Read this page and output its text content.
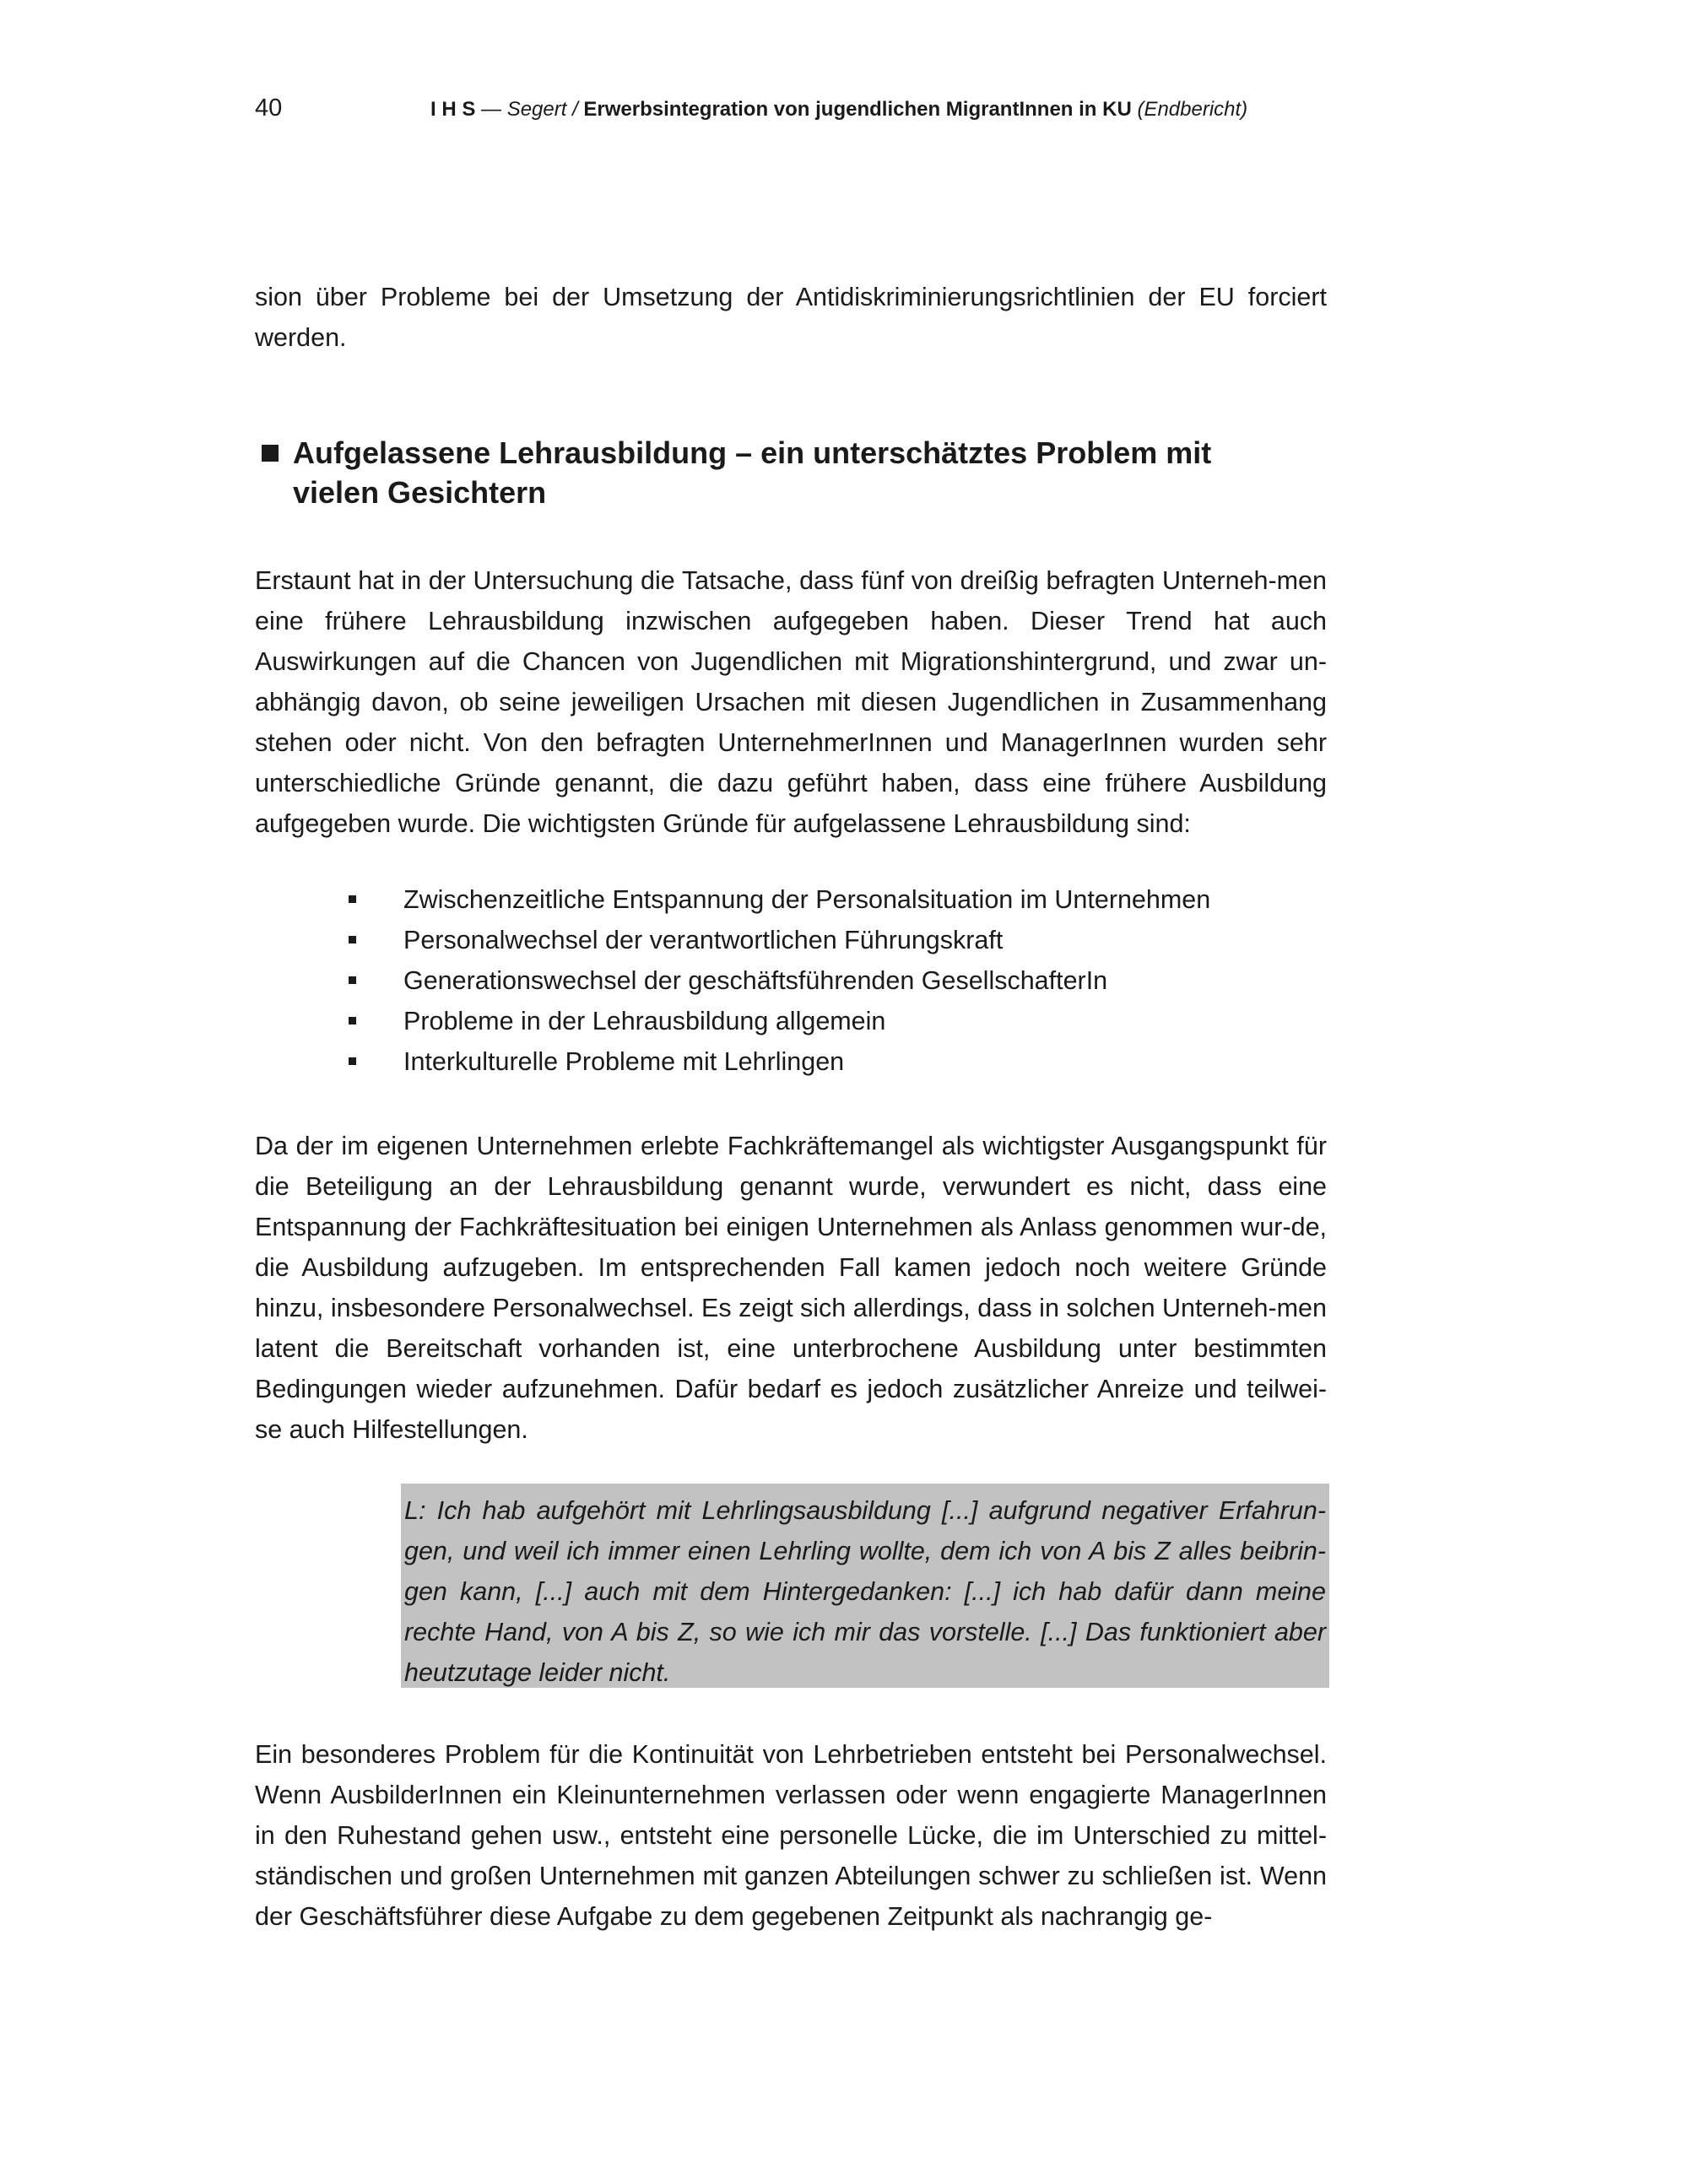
40	I H S — Segert / Erwerbsintegration von jugendlichen MigrantInnen in KU (Endbericht)

sion über Probleme bei der Umsetzung der Antidiskriminierungsrichtlinien der EU forciert werden.

Aufgelassene Lehrausbildung – ein unterschätztes Problem mit
vielen Gesichtern

Erstaunt hat in der Untersuchung die Tatsache, dass fünf von dreißig befragten Unterneh-men eine frühere Lehrausbildung inzwischen aufgegeben haben. Dieser Trend hat auch Auswirkungen auf die Chancen von Jugendlichen mit Migrationshintergrund, und zwar un-abhängig davon, ob seine jeweiligen Ursachen mit diesen Jugendlichen in Zusammenhang stehen oder nicht. Von den befragten UnternehmerInnen und ManagerInnen wurden sehr unterschiedliche Gründe genannt, die dazu geführt haben, dass eine frühere Ausbildung aufgegeben wurde. Die wichtigsten Gründe für aufgelassene Lehrausbildung sind:

Zwischenzeitliche Entspannung der Personalsituation im Unternehmen
Personalwechsel der verantwortlichen Führungskraft
Generationswechsel der geschäftsführenden GesellschafterIn
Probleme in der Lehrausbildung allgemein
Interkulturelle Probleme mit Lehrlingen

Da der im eigenen Unternehmen erlebte Fachkräftemangel als wichtigster Ausgangspunkt für die Beteiligung an der Lehrausbildung genannt wurde, verwundert es nicht, dass eine Entspannung der Fachkräftesituation bei einigen Unternehmen als Anlass genommen wur-de, die Ausbildung aufzugeben. Im entsprechenden Fall kamen jedoch noch weitere Gründe hinzu, insbesondere Personalwechsel. Es zeigt sich allerdings, dass in solchen Unterneh-men latent die Bereitschaft vorhanden ist, eine unterbrochene Ausbildung unter bestimmten Bedingungen wieder aufzunehmen. Dafür bedarf es jedoch zusätzlicher Anreize und teilwei-se auch Hilfestellungen.

L: Ich hab aufgehört mit Lehrlingsausbildung [...] aufgrund negativer Erfahrun-gen, und weil ich immer einen Lehrling wollte, dem ich von A bis Z alles beibrin-gen kann, [...] auch mit dem Hintergedanken: [...] ich hab dafür dann meine rechte Hand, von A bis Z, so wie ich mir das vorstelle. [...] Das funktioniert aber heutzutage leider nicht.

Ein besonderes Problem für die Kontinuität von Lehrbetrieben entsteht bei Personalwechsel. Wenn AusbilderInnen ein Kleinunternehmen verlassen oder wenn engagierte ManagerInnen in den Ruhestand gehen usw., entsteht eine personelle Lücke, die im Unterschied zu mittel-ständischen und großen Unternehmen mit ganzen Abteilungen schwer zu schließen ist. Wenn der Geschäftsführer diese Aufgabe zu dem gegebenen Zeitpunkt als nachrangig ge-
